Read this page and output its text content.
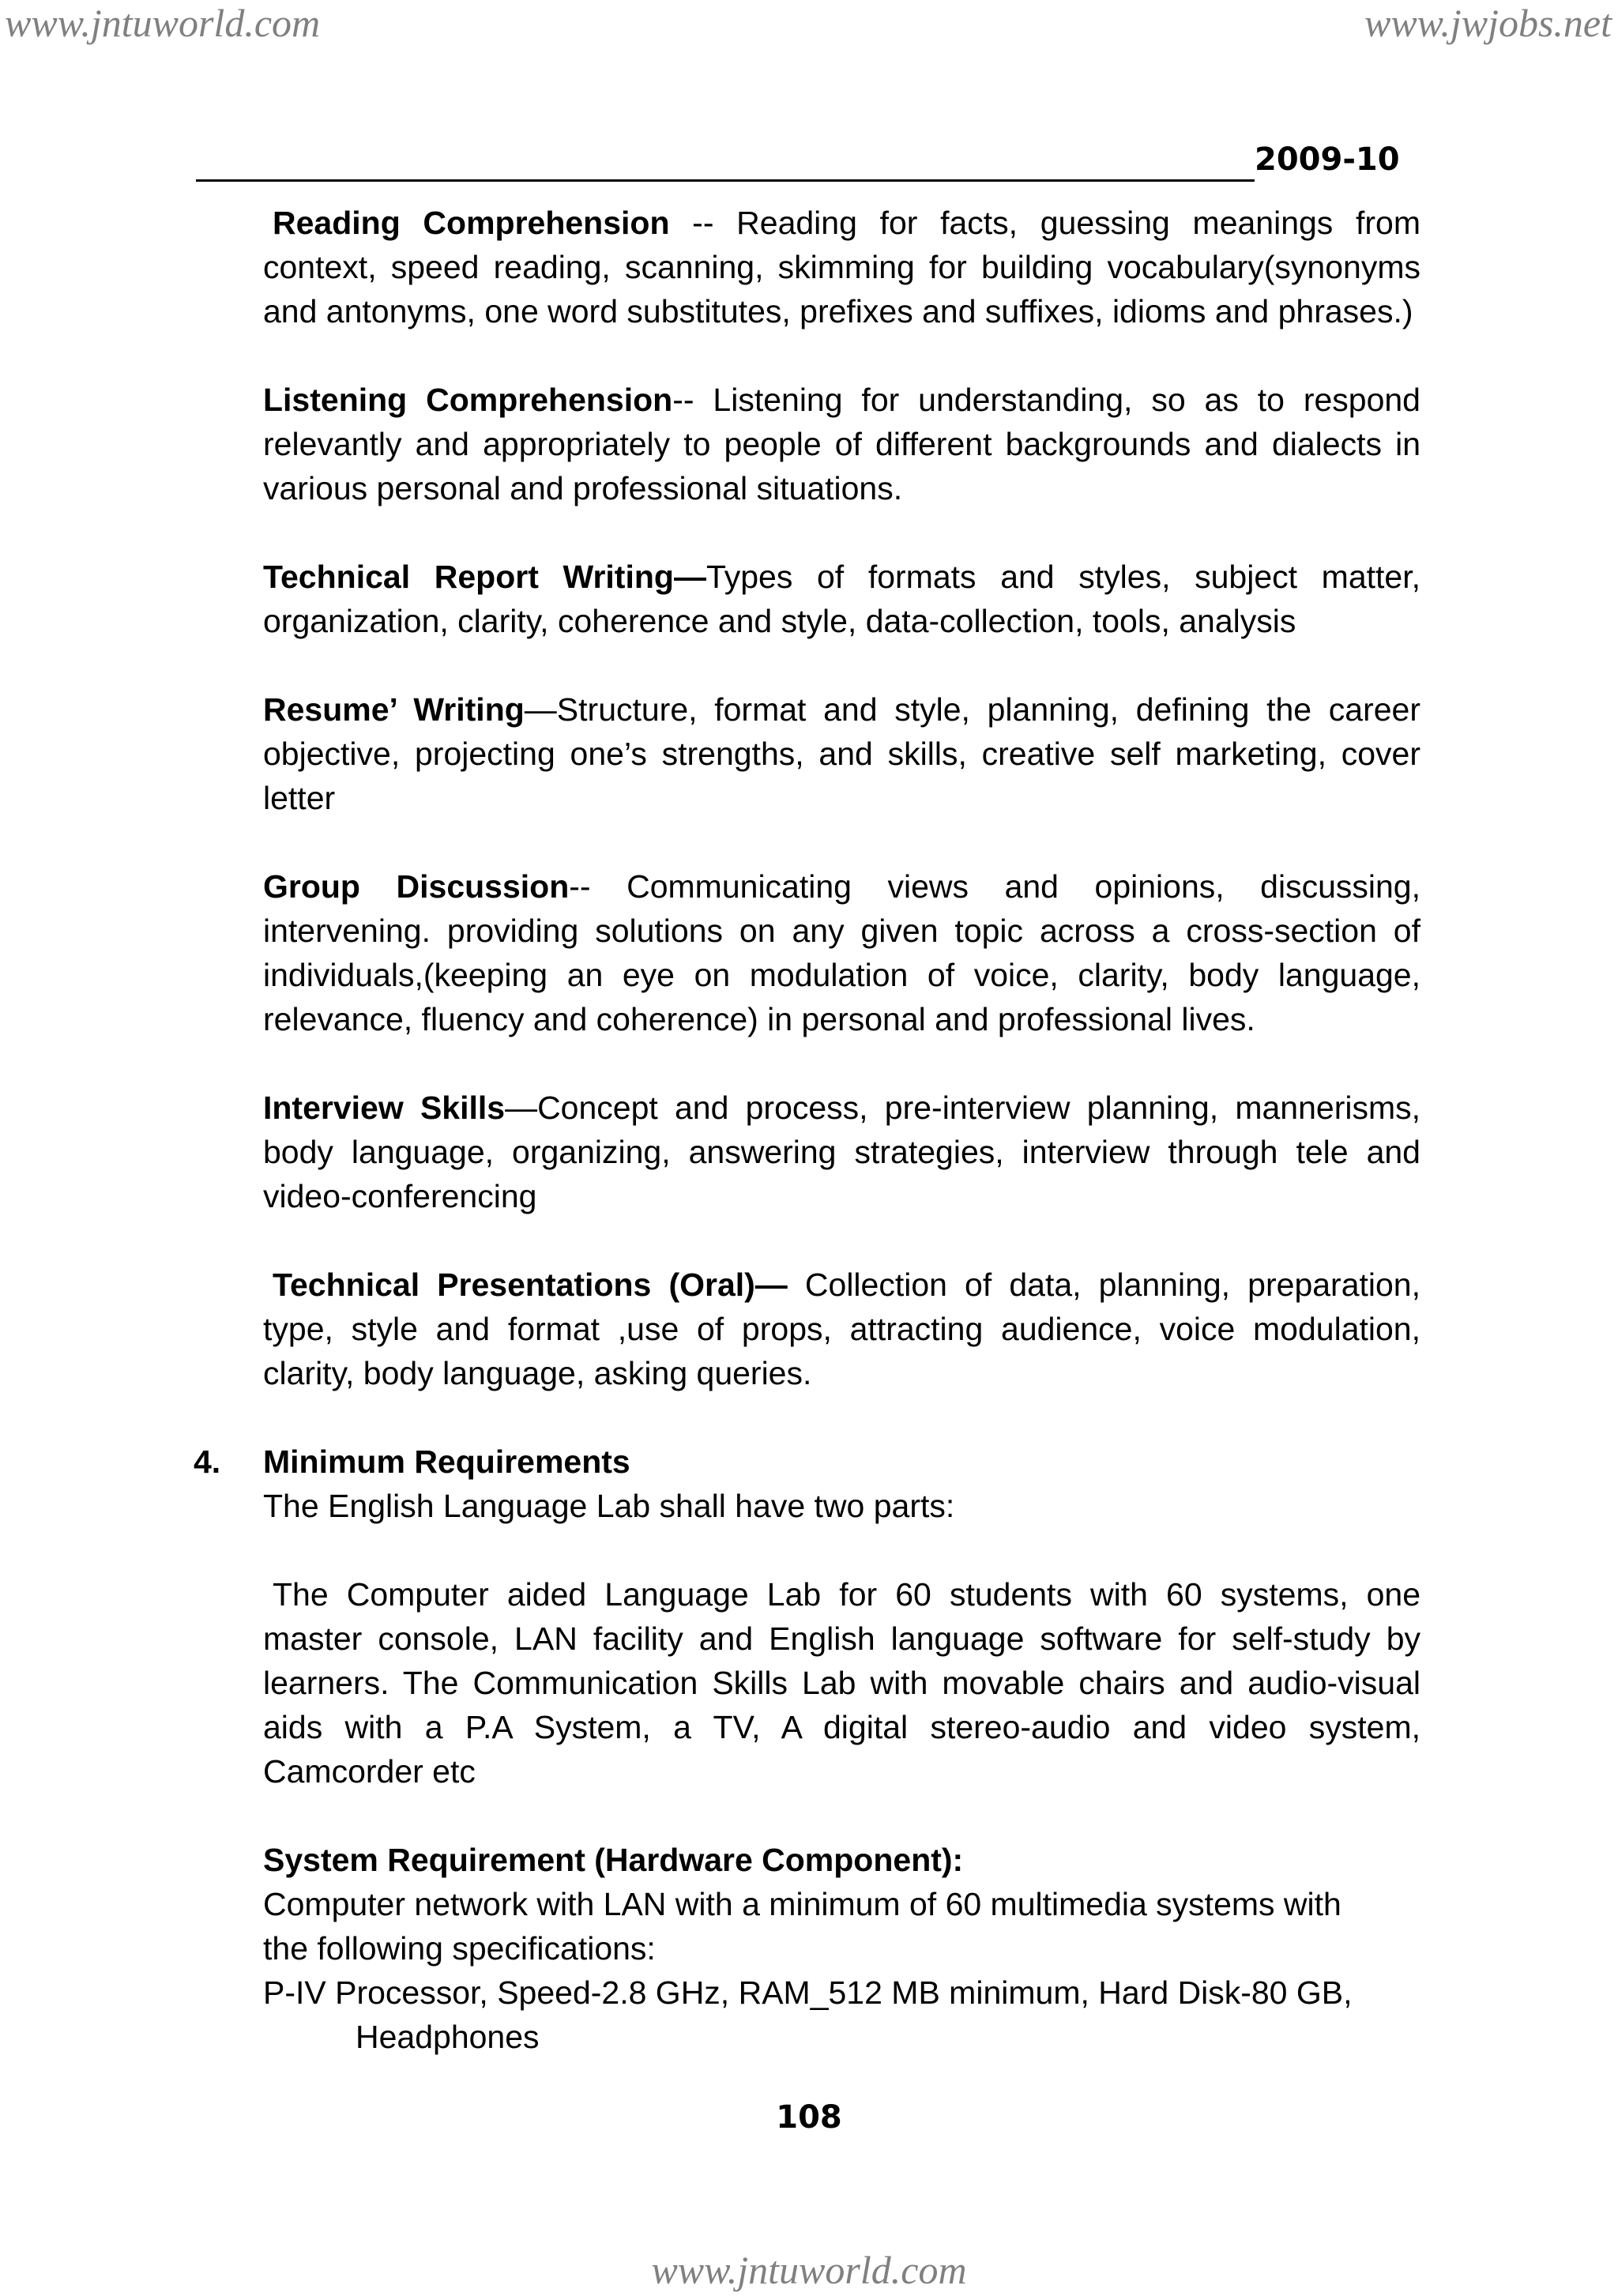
www.jntuworld.com	www.jwjobs.net
2009-10

Reading Comprehension -- Reading for facts, guessing meanings from context, speed reading, scanning, skimming for building vocabulary(synonyms and antonyms, one word substitutes, prefixes and suffixes, idioms and phrases.)

Listening Comprehension-- Listening for understanding, so as to respond relevantly and appropriately to people of different backgrounds and dialects in various personal and professional situations.

Technical Report Writing—Types of formats and styles, subject matter, organization, clarity, coherence and style, data-collection, tools, analysis

Resume’ Writing—Structure, format and style, planning, defining the career objective, projecting one’s strengths, and skills, creative self marketing, cover letter

Group Discussion-- Communicating views and opinions, discussing, intervening. providing solutions on any given topic across a cross-section of individuals,(keeping an eye on modulation of voice, clarity, body language, relevance, fluency and coherence) in personal and professional lives.

Interview Skills—Concept and process, pre-interview planning, mannerisms, body language, organizing, answering strategies, interview through tele and video-conferencing

Technical Presentations (Oral)— Collection of data, planning, preparation, type, style and format ,use of props, attracting audience, voice modulation, clarity, body language, asking queries.

4. Minimum Requirements

The English Language Lab shall have two parts:

The Computer aided Language Lab for 60 students with 60 systems, one master console, LAN facility and English language software for self-study by learners. The Communication Skills Lab with movable chairs and audio-visual aids with a P.A System, a TV, A digital stereo-audio and video system, Camcorder etc

System Requirement (Hardware Component):

Computer network with LAN with a minimum of 60 multimedia systems with the following specifications:

P-IV Processor, Speed-2.8 GHz, RAM_512 MB minimum, Hard Disk-80 GB,
Headphones

108
www.jntuworld.com
